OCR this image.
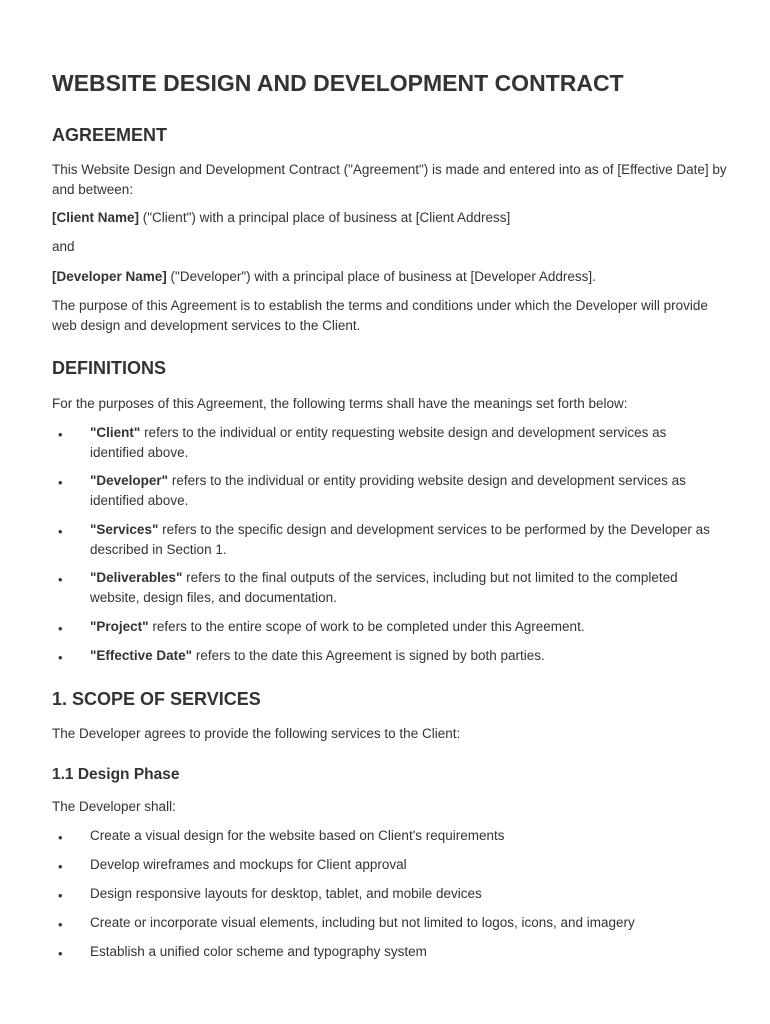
WEBSITE DESIGN AND DEVELOPMENT CONTRACT
AGREEMENT

This Website Design and Development Contract ("Agreement") is made and entered into as of [Effective Date] by and between:

[Client Name] ("Client") with a principal place of business at [Client Address]

and

[Developer Name] ("Developer") with a principal place of business at [Developer Address].

The purpose of this Agreement is to establish the terms and conditions under which the Developer will provide web design and development services to the Client.

DEFINITIONS

For the purposes of this Agreement, the following terms shall have the meanings set forth below:

• "Client" refers to the individual or entity requesting website design and development services as identified above.
• "Developer" refers to the individual or entity providing website design and development services as identified above.
• "Services" refers to the specific design and development services to be performed by the Developer as described in Section 1.
• "Deliverables" refers to the final outputs of the services, including but not limited to the completed website, design files, and documentation.
• "Project" refers to the entire scope of work to be completed under this Agreement.
• "Effective Date" refers to the date this Agreement is signed by both parties.
1. SCOPE OF SERVICES

The Developer agrees to provide the following services to the Client:

1.1 Design Phase

The Developer shall:

• Create a visual design for the website based on Client's requirements
• Develop wireframes and mockups for Client approval
• Design responsive layouts for desktop, tablet, and mobile devices
• Create or incorporate visual elements, including but not limited to logos, icons, and imagery
• Establish a unified color scheme and typography system
